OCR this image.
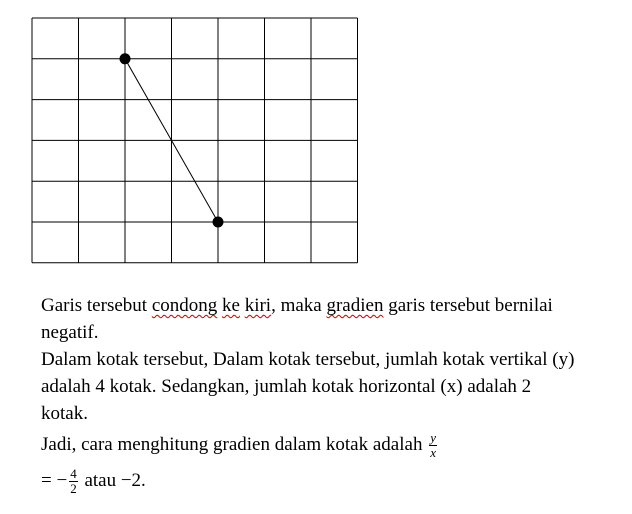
Garis tersebut condong ke kiri, maka gradien garis tersebut bernilai
negatif.
Dalam kotak tersebut, Dalam kotak tersebut, jumlah kotak vertikal (y)
adalah 4 kotak. Sedangkan, jumlah kotak horizontal (x) adalah 2
kotak.
Jadi, cara menghitung gradien dalam kotak adalah $\frac{y}{x}$
= − $\frac{4}{2}$ atau −2.
